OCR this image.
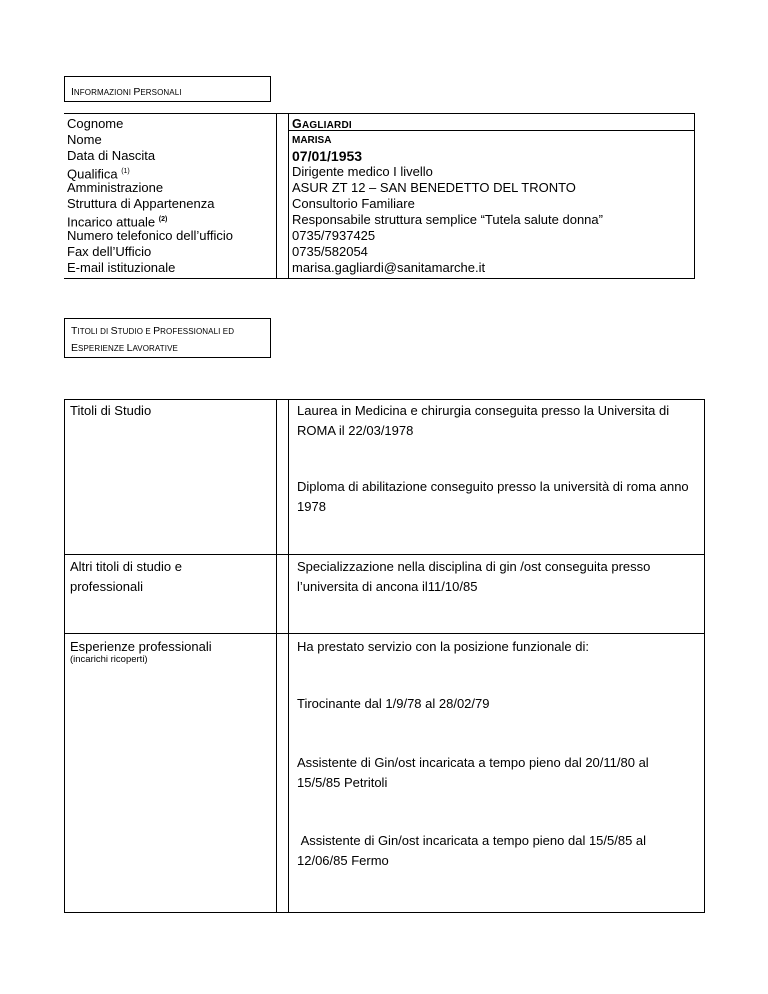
INFORMAZIONI PERSONALI
Cognome
Nome
Data di Nascita
Qualifica $^{(1)}$
Amministrazione
Struttura di Appartenenza
Incarico attuale $^{(2)}$
Numero telefonico dell’ufficio
Fax dell’Ufficio
E-mail istituzionale
GAGLIARDI
MARISA
07/01/1953
Dirigente medico I livello
ASUR ZT 12 – SAN BENEDETTO DEL TRONTO
Consultorio Familiare
Responsabile struttura semplice “Tutela salute donna”
0735/7937425
0735/582054
marisa.gagliardi@sanitamarche.it
TITOLI DI STUDIO E PROFESSIONALI ED
ESPERIENZE LAVORATIVE
Titoli di Studio	Laurea in Medicina e chirurgia conseguita presso la Universita di ROMA il 22/03/1978
Diploma di abilitazione conseguito presso la università di roma anno 1978
Altri titoli di studio e
professionali
Specializzazione nella disciplina di gin /ost conseguita presso l’universita di ancona il11/10/85
Esperienze professionali
(incarichi ricoperti)
Ha prestato servizio con la posizione funzionale di:
Tirocinante dal 1/9/78 al 28/02/79
Assistente di Gin/ost incaricata a tempo pieno dal 20/11/80 al 15/5/85 Petritoli
Assistente di Gin/ost incaricata a tempo pieno dal 15/5/85 al 12/06/85 Fermo
